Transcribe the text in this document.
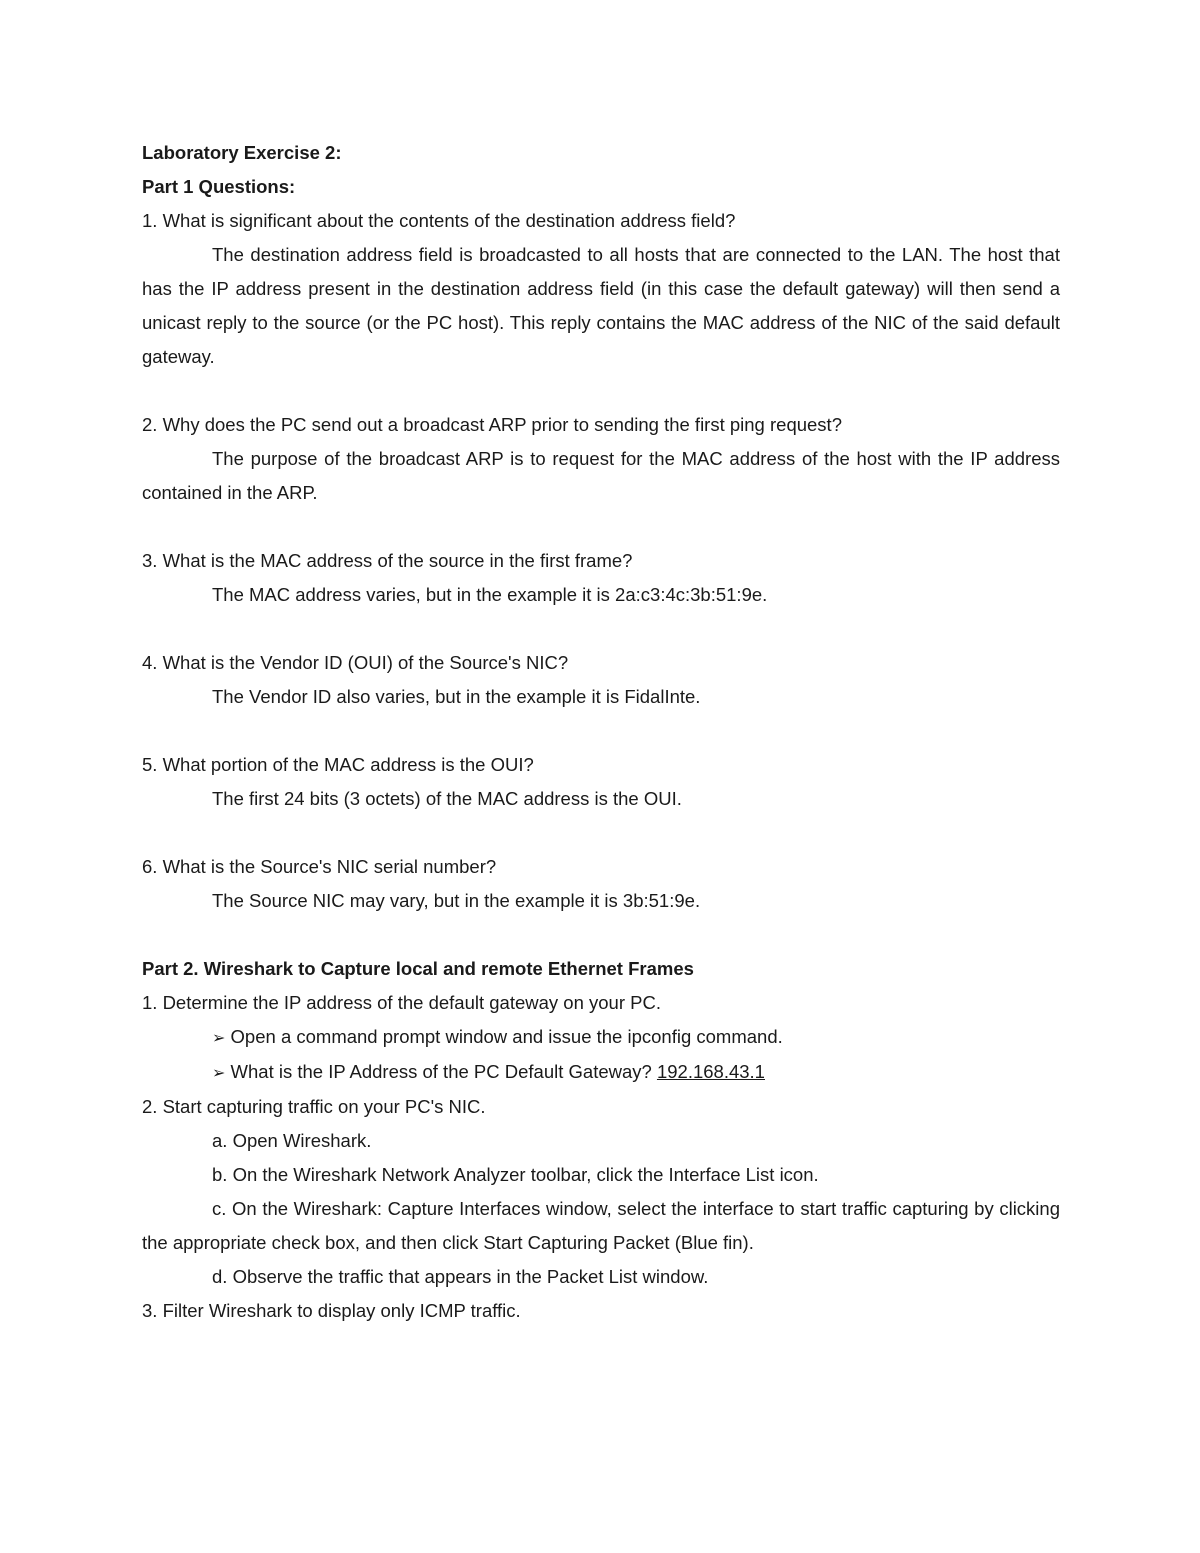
Laboratory Exercise 2:

Part 1 Questions:

1. What is significant about the contents of the destination address field?

The destination address field is broadcasted to all hosts that are connected to the LAN. The host that has the IP address present in the destination address field (in this case the default gateway) will then send a unicast reply to the source (or the PC host). This reply contains the MAC address of the NIC of the said default gateway.

2. Why does the PC send out a broadcast ARP prior to sending the first ping request?

The purpose of the broadcast ARP is to request for the MAC address of the host with the IP address contained in the ARP.

3. What is the MAC address of the source in the first frame?

The MAC address varies, but in the example it is 2a:c3:4c:3b:51:9e.

4. What is the Vendor ID (OUI) of the Source's NIC?

The Vendor ID also varies, but in the example it is FidalInte.

5. What portion of the MAC address is the OUI?

The first 24 bits (3 octets) of the MAC address is the OUI.

6. What is the Source's NIC serial number?

The Source NIC may vary, but in the example it is 3b:51:9e.

Part 2. Wireshark to Capture local and remote Ethernet Frames

1. Determine the IP address of the default gateway on your PC.

➢ Open a command prompt window and issue the ipconfig command.

➢ What is the IP Address of the PC Default Gateway? 192.168.43.1

2. Start capturing traffic on your PC's NIC.

a. Open Wireshark.

b. On the Wireshark Network Analyzer toolbar, click the Interface List icon.

c. On the Wireshark: Capture Interfaces window, select the interface to start traffic capturing by clicking the appropriate check box, and then click Start Capturing Packet (Blue fin).

d. Observe the traffic that appears in the Packet List window.

3. Filter Wireshark to display only ICMP traffic.
